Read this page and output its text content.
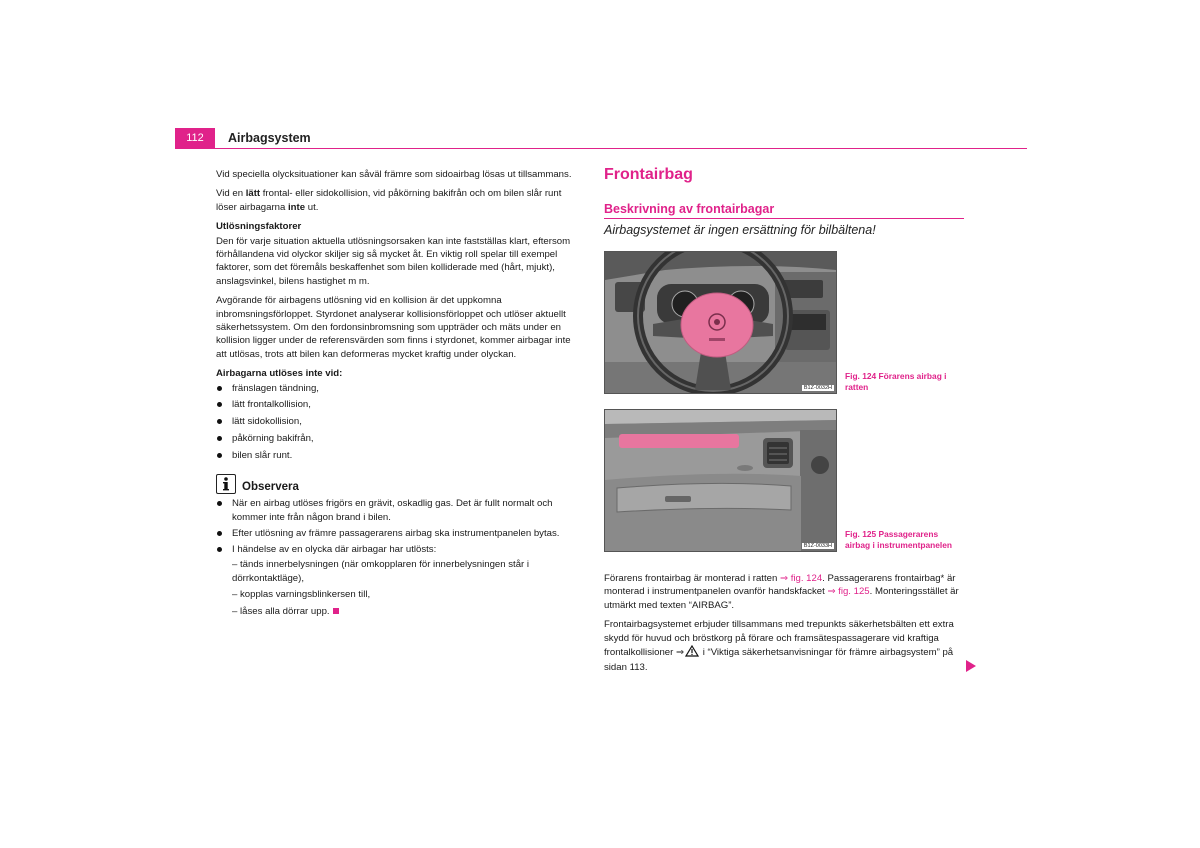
112	Airbagsystem

Vid speciella olycksituationer kan såväl främre som sidoairbag lösas ut tillsammans.

Vid en lätt frontal- eller sidokollision, vid påkörning bakifrån och om bilen slår runt löser airbagarna inte ut.

Utlösningsfaktorer

Den för varje situation aktuella utlösningsorsaken kan inte fastställas klart, eftersom förhållandena vid olyckor skiljer sig så mycket åt. En viktig roll spelar till exempel faktorer, som det föremåls beskaffenhet som bilen kolliderade med (hårt, mjukt), anslagsvinkel, bilens hastighet m m.

Avgörande för airbagens utlösning vid en kollision är det uppkomna inbromsningsförloppet. Styrdonet analyserar kollisionsförloppet och utlöser aktuellt säkerhetssystem. Om den fordonsinbromsning som uppträder och mäts under en kollision ligger under de referensvärden som finns i styrdonet, kommer airbagar inte att utlösas, trots att bilen kan deformeras mycket kraftig under olyckan.

Airbagarna utlöses inte vid:

fränslagen tändning,
lätt frontalkollision,
lätt sidokollision,
påkörning bakifrån,
bilen slår runt.
Observera
När en airbag utlöses frigörs en grävit, oskadlig gas. Det är fullt normalt och kommer inte från någon brand i bilen.
Efter utlösning av främre passagerarens airbag ska instrumentpanelen bytas.
I händelse av en olycka där airbagar har utlösts:
– tänds innerbelysningen (när omkopplaren för innerbelysningen står i dörrkontaktläge),
– kopplas varningsblinkersen till,
– låses alla dörrar upp.
Frontairbag
Beskrivning av frontairbagar
Airbagsystemet är ingen ersättning för bilbältena!
B1Z-0032H
Fig. 124 Förarens airbag i ratten
B1Z-0033H
Fig. 125 Passagerarens airbag i instrumentpanelen

Förarens frontairbag är monterad i ratten ⇒ fig. 124. Passagerarens frontairbag* är monterad i instrumentpanelen ovanför handskfacket ⇒ fig. 125. Monteringsstället är utmärkt med texten “AIRBAG”.

Frontairbagsystemet erbjuder tillsammans med trepunkts säkerhetsbälten ett extra skydd för huvud och bröstkorg på förare och framsätespassagerare vid kraftiga frontalkollisioner ⇒ i “Viktiga säkerhetsanvisningar för främre airbagsystem” på sidan 113.
